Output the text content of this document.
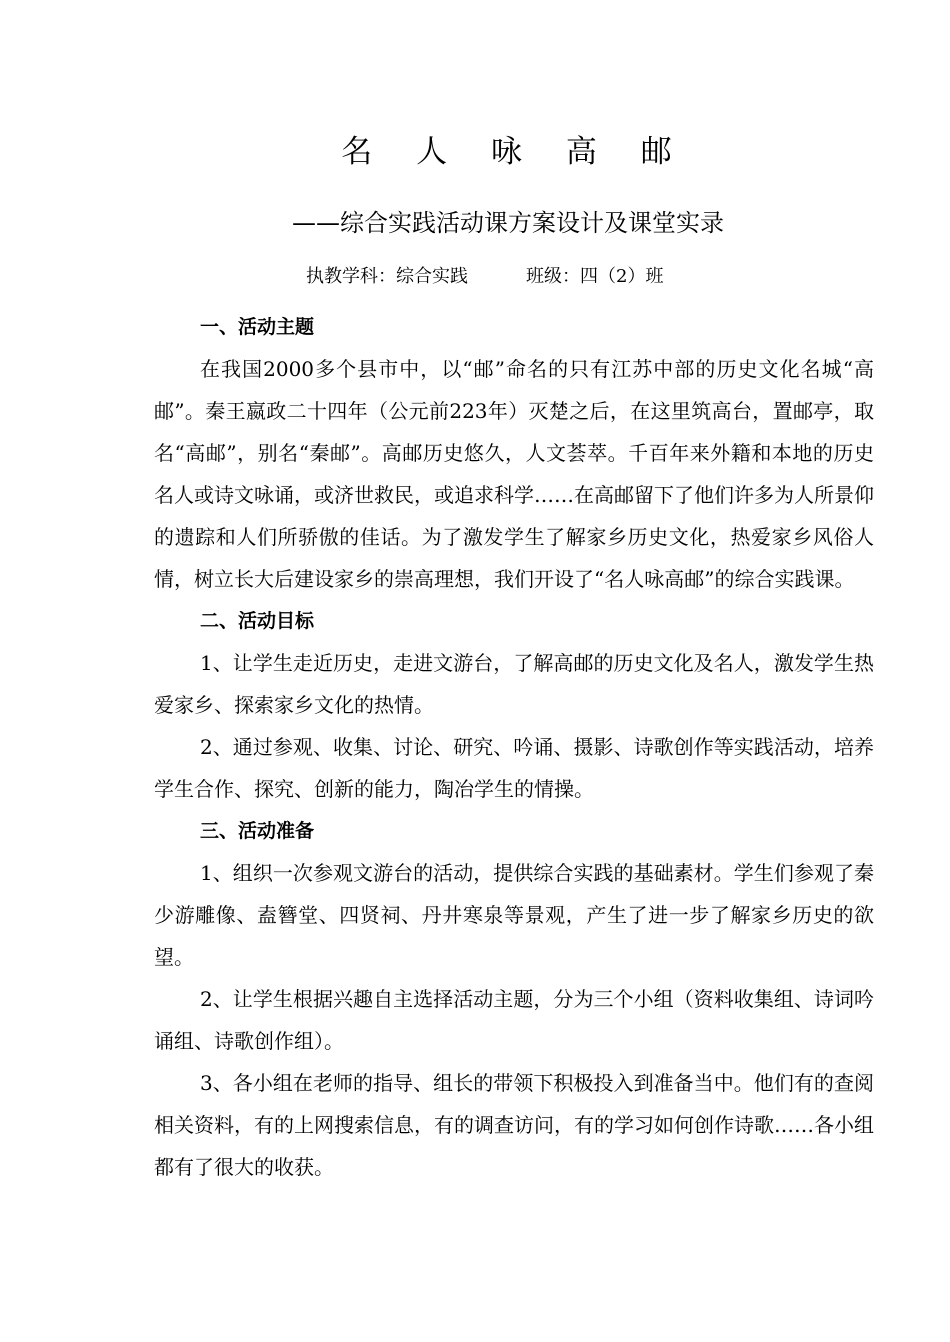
名 人 咏 高 邮
——综合实践活动课方案设计及课堂实录
执教学科：综合实践	班级：四（2）班

一、活动主题

在我国2000多个县市中，以“邮”命名的只有江苏中部的历史文化名城“高邮”。秦王嬴政二十四年（公元前223年）灭楚之后，在这里筑高台，置邮亭，取名“高邮”，别名“秦邮”。高邮历史悠久，人文荟萃。千百年来外籍和本地的历史名人或诗文咏诵，或济世救民，或追求科学……在高邮留下了他们许多为人所景仰的遗踪和人们所骄傲的佳话。为了激发学生了解家乡历史文化，热爱家乡风俗人情，树立长大后建设家乡的崇高理想，我们开设了“名人咏高邮”的综合实践课。

二、活动目标

1、让学生走近历史，走进文游台，了解高邮的历史文化及名人，激发学生热爱家乡、探索家乡文化的热情。

2、通过参观、收集、讨论、研究、吟诵、摄影、诗歌创作等实践活动，培养学生合作、探究、创新的能力，陶冶学生的情操。

三、活动准备

1、组织一次参观文游台的活动，提供综合实践的基础素材。学生们参观了秦少游雕像、盍簪堂、四贤祠、丹井寒泉等景观，产生了进一步了解家乡历史的欲望。

2、让学生根据兴趣自主选择活动主题，分为三个小组（资料收集组、诗词吟诵组、诗歌创作组）。

3、各小组在老师的指导、组长的带领下积极投入到准备当中。他们有的查阅相关资料，有的上网搜索信息，有的调查访问，有的学习如何创作诗歌……各小组都有了很大的收获。
